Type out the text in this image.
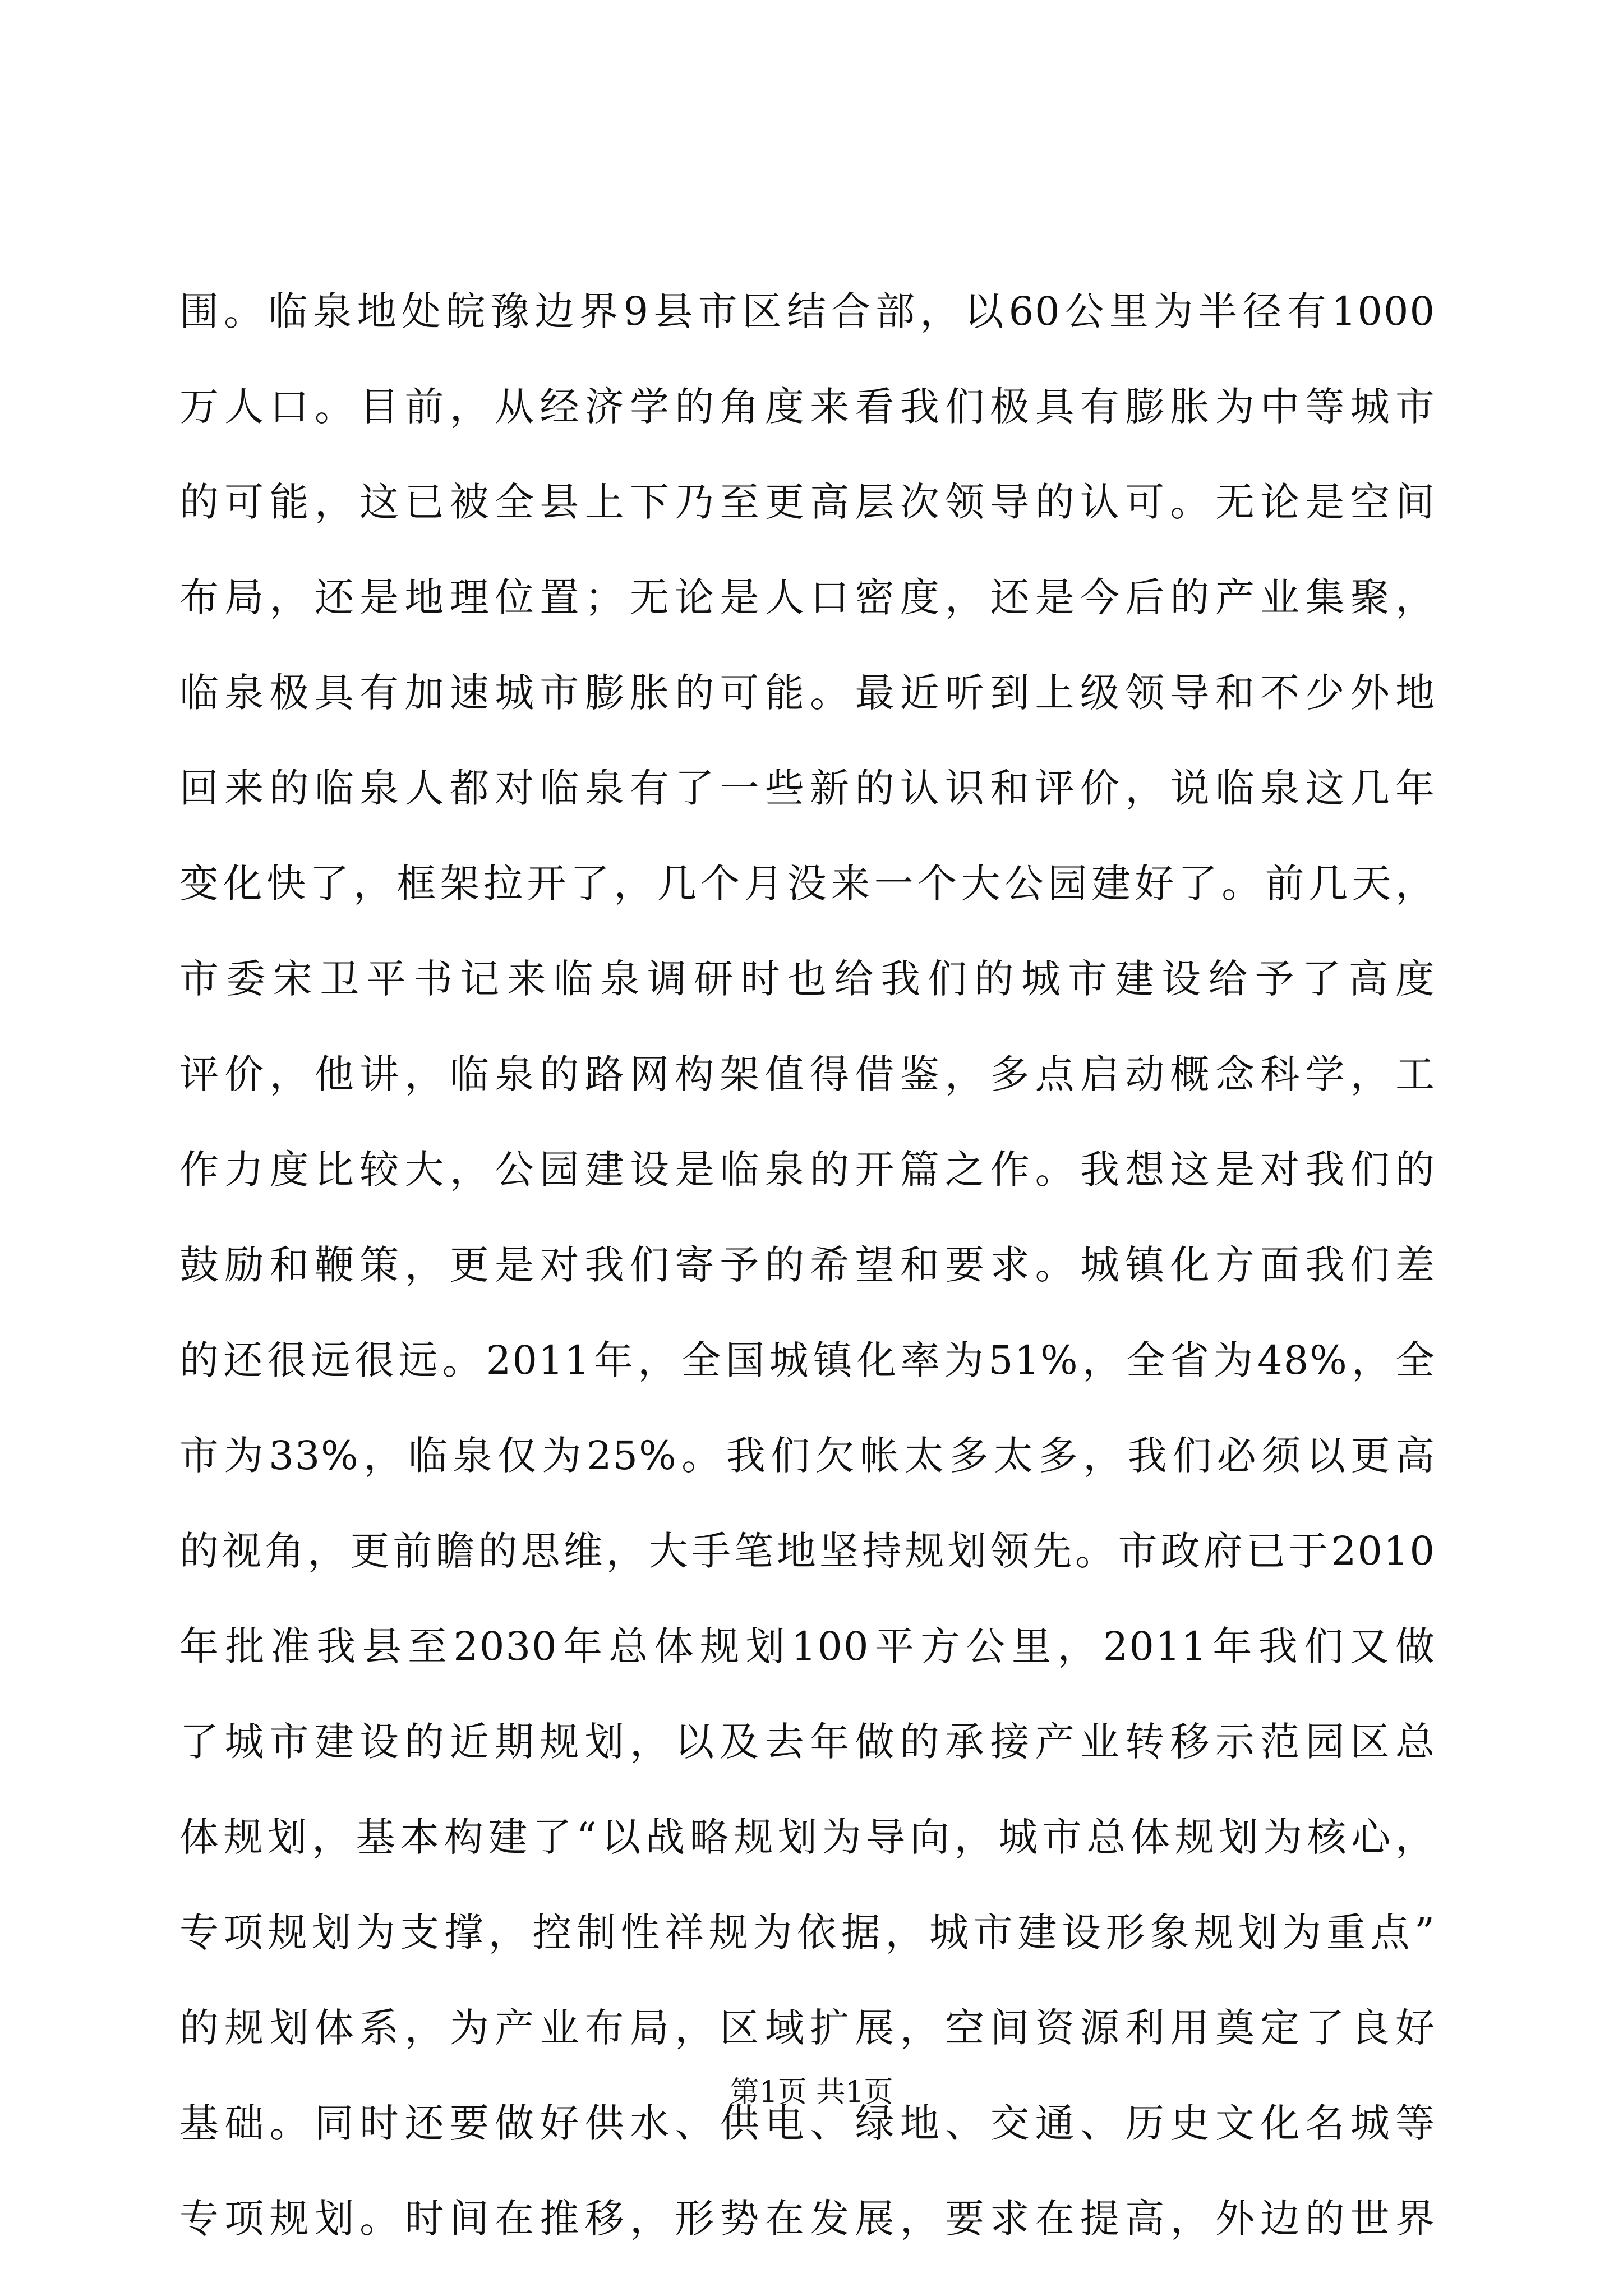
围。临泉地处皖豫边界9县市区结合部，以60公里为半径有1000
万人口。目前，从经济学的角度来看我们极具有膨胀为中等城市
的可能，这已被全县上下乃至更高层次领导的认可。无论是空间
布局，还是地理位置；无论是人口密度，还是今后的产业集聚，
临泉极具有加速城市膨胀的可能。最近听到上级领导和不少外地
回来的临泉人都对临泉有了一些新的认识和评价，说临泉这几年
变化快了，框架拉开了，几个月没来一个大公园建好了。前几天，
市委宋卫平书记来临泉调研时也给我们的城市建设给予了高度
评价，他讲，临泉的路网构架值得借鉴，多点启动概念科学，工
作力度比较大，公园建设是临泉的开篇之作。我想这是对我们的
鼓励和鞭策，更是对我们寄予的希望和要求。城镇化方面我们差
的还很远很远。2011年，全国城镇化率为51%，全省为48%，全
市为33%，临泉仅为25%。我们欠帐太多太多，我们必须以更高
的视角，更前瞻的思维，大手笔地坚持规划领先。市政府已于2010
年批准我县至2030年总体规划100平方公里，2011年我们又做
了城市建设的近期规划，以及去年做的承接产业转移示范园区总
体规划，基本构建了“以战略规划为导向，城市总体规划为核心，
专项规划为支撑，控制性祥规为依据，城市建设形象规划为重点”
的规划体系，为产业布局，区域扩展，空间资源利用奠定了良好
基础。同时还要做好供水、供电、绿地、交通、历史文化名城等
专项规划。时间在推移，形势在发展，要求在提高，外边的世界
第1页 共1页
